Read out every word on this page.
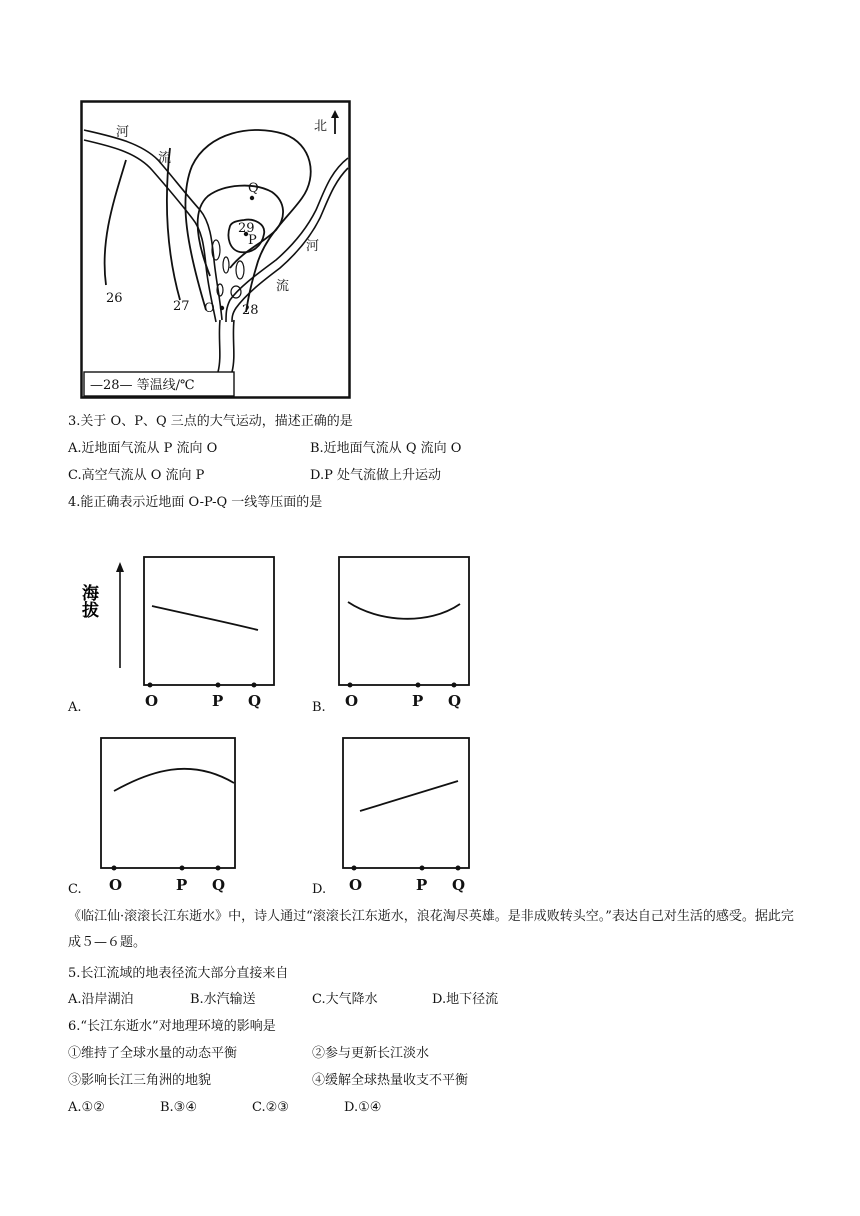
北
河
流
河
流
26
27	28
29
O
P
Q
—28— 等温线/℃
3.关于 O、P、Q 三点的大气运动，描述正确的是
A.近地面气流从 P 流向 O	B.近地面气流从 Q 流向 O
C.高空气流从 O 流向 P	D.P 处气流做上升运动
4.能正确表示近地面 O-P-Q 一线等压面的是
海拔
O	P Q
A.	O	P Q
B.
O	P Q
C.	O	P Q
D.
《临江仙·滚滚长江东逝水》中，诗人通过“滚滚长江东逝水，浪花淘尽英雄。是非成败转头空。”表达自己对生活的感受。据此完成５—６题。
5.长江流域的地表径流大部分直接来自
A.沿岸湖泊	B.水汽输送	C.大气降水	D.地下径流
6.“长江东逝水”对地理环境的影响是
①维持了全球水量的动态平衡	②参与更新长江淡水
③影响长江三角洲的地貌	④缓解全球热量收支不平衡
A.①②	B.③④	C.②③	D.①④
